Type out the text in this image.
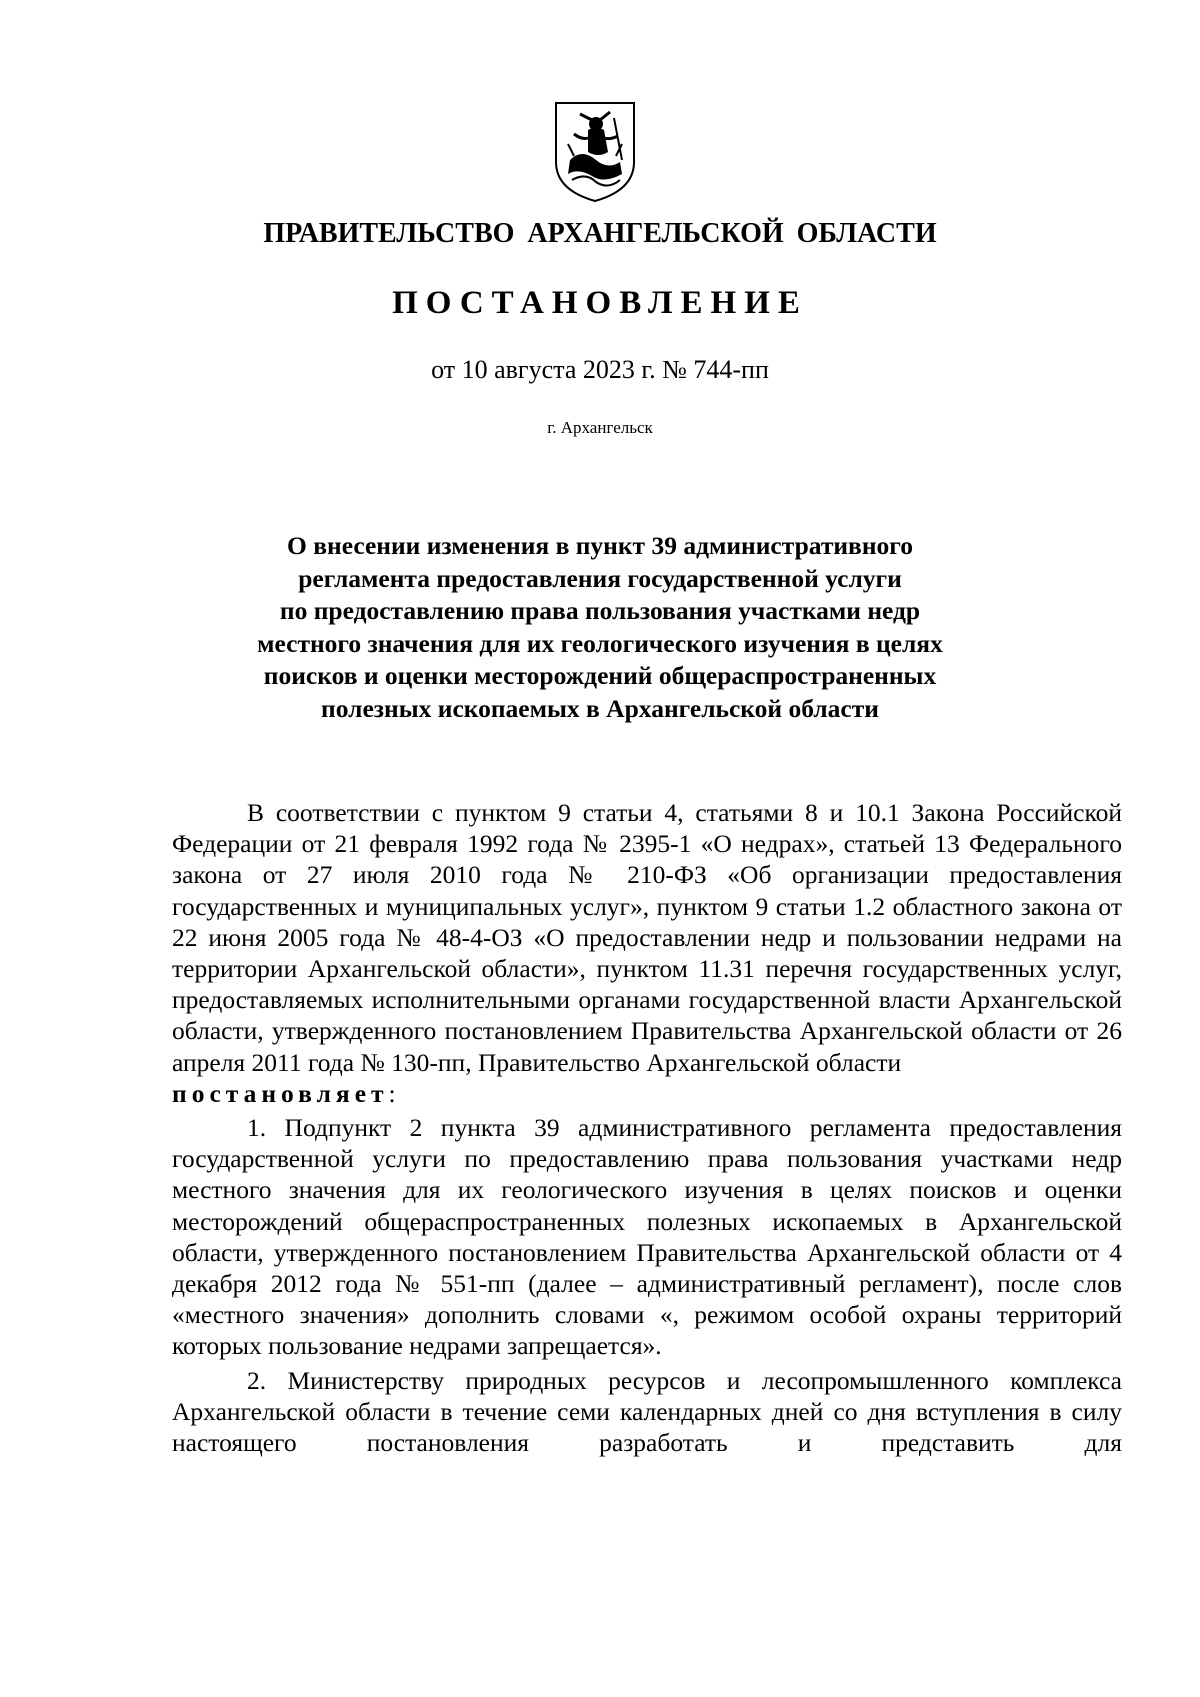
ПРАВИТЕЛЬСТВО АРХАНГЕЛЬСКОЙ ОБЛАСТИ
ПОСТАНОВЛЕНИЕ
от 10 августа 2023 г. № 744-пп
г. Архангельск
О внесении изменения в пункт 39 административного
регламента предоставления государственной услуги
по предоставлению права пользования участками недр
местного значения для их геологического изучения в целях
поисков и оценки месторождений общераспространенных
полезных ископаемых в Архангельской области

В соответствии с пунктом 9 статьи 4, статьями 8 и 10.1 Закона Российской Федерации от 21 февраля 1992 года № 2395-1 «О недрах», статьей 13 Федерального закона от 27 июля 2010 года № 210-ФЗ «Об организации предоставления государственных и муниципальных услуг», пунктом 9 статьи 1.2 областного закона от 22 июня 2005 года № 48-4-ОЗ «О предоставлении недр и пользовании недрами на территории Архангельской области», пунктом 11.31 перечня государственных услуг, предоставляемых исполнительными органами государственной власти Архангельской области, утвержденного постановлением Правительства Архангельской области от 26 апреля 2011 года № 130-пп, Правительство Архангельской области
постановляет:

1. Подпункт 2 пункта 39 административного регламента предоставления государственной услуги по предоставлению права пользования участками недр местного значения для их геологического изучения в целях поисков и оценки месторождений общераспространенных полезных ископаемых в Архангельской области, утвержденного постановлением Правительства Архангельской области от 4 декабря 2012 года № 551-пп (далее – административный регламент), после слов «местного значения» дополнить словами «, режимом особой охраны территорий которых пользование недрами запрещается».

2. Министерству природных ресурсов и лесопромышленного комплекса Архангельской области в течение семи календарных дней со дня вступления в силу настоящего постановления разработать и представить для
